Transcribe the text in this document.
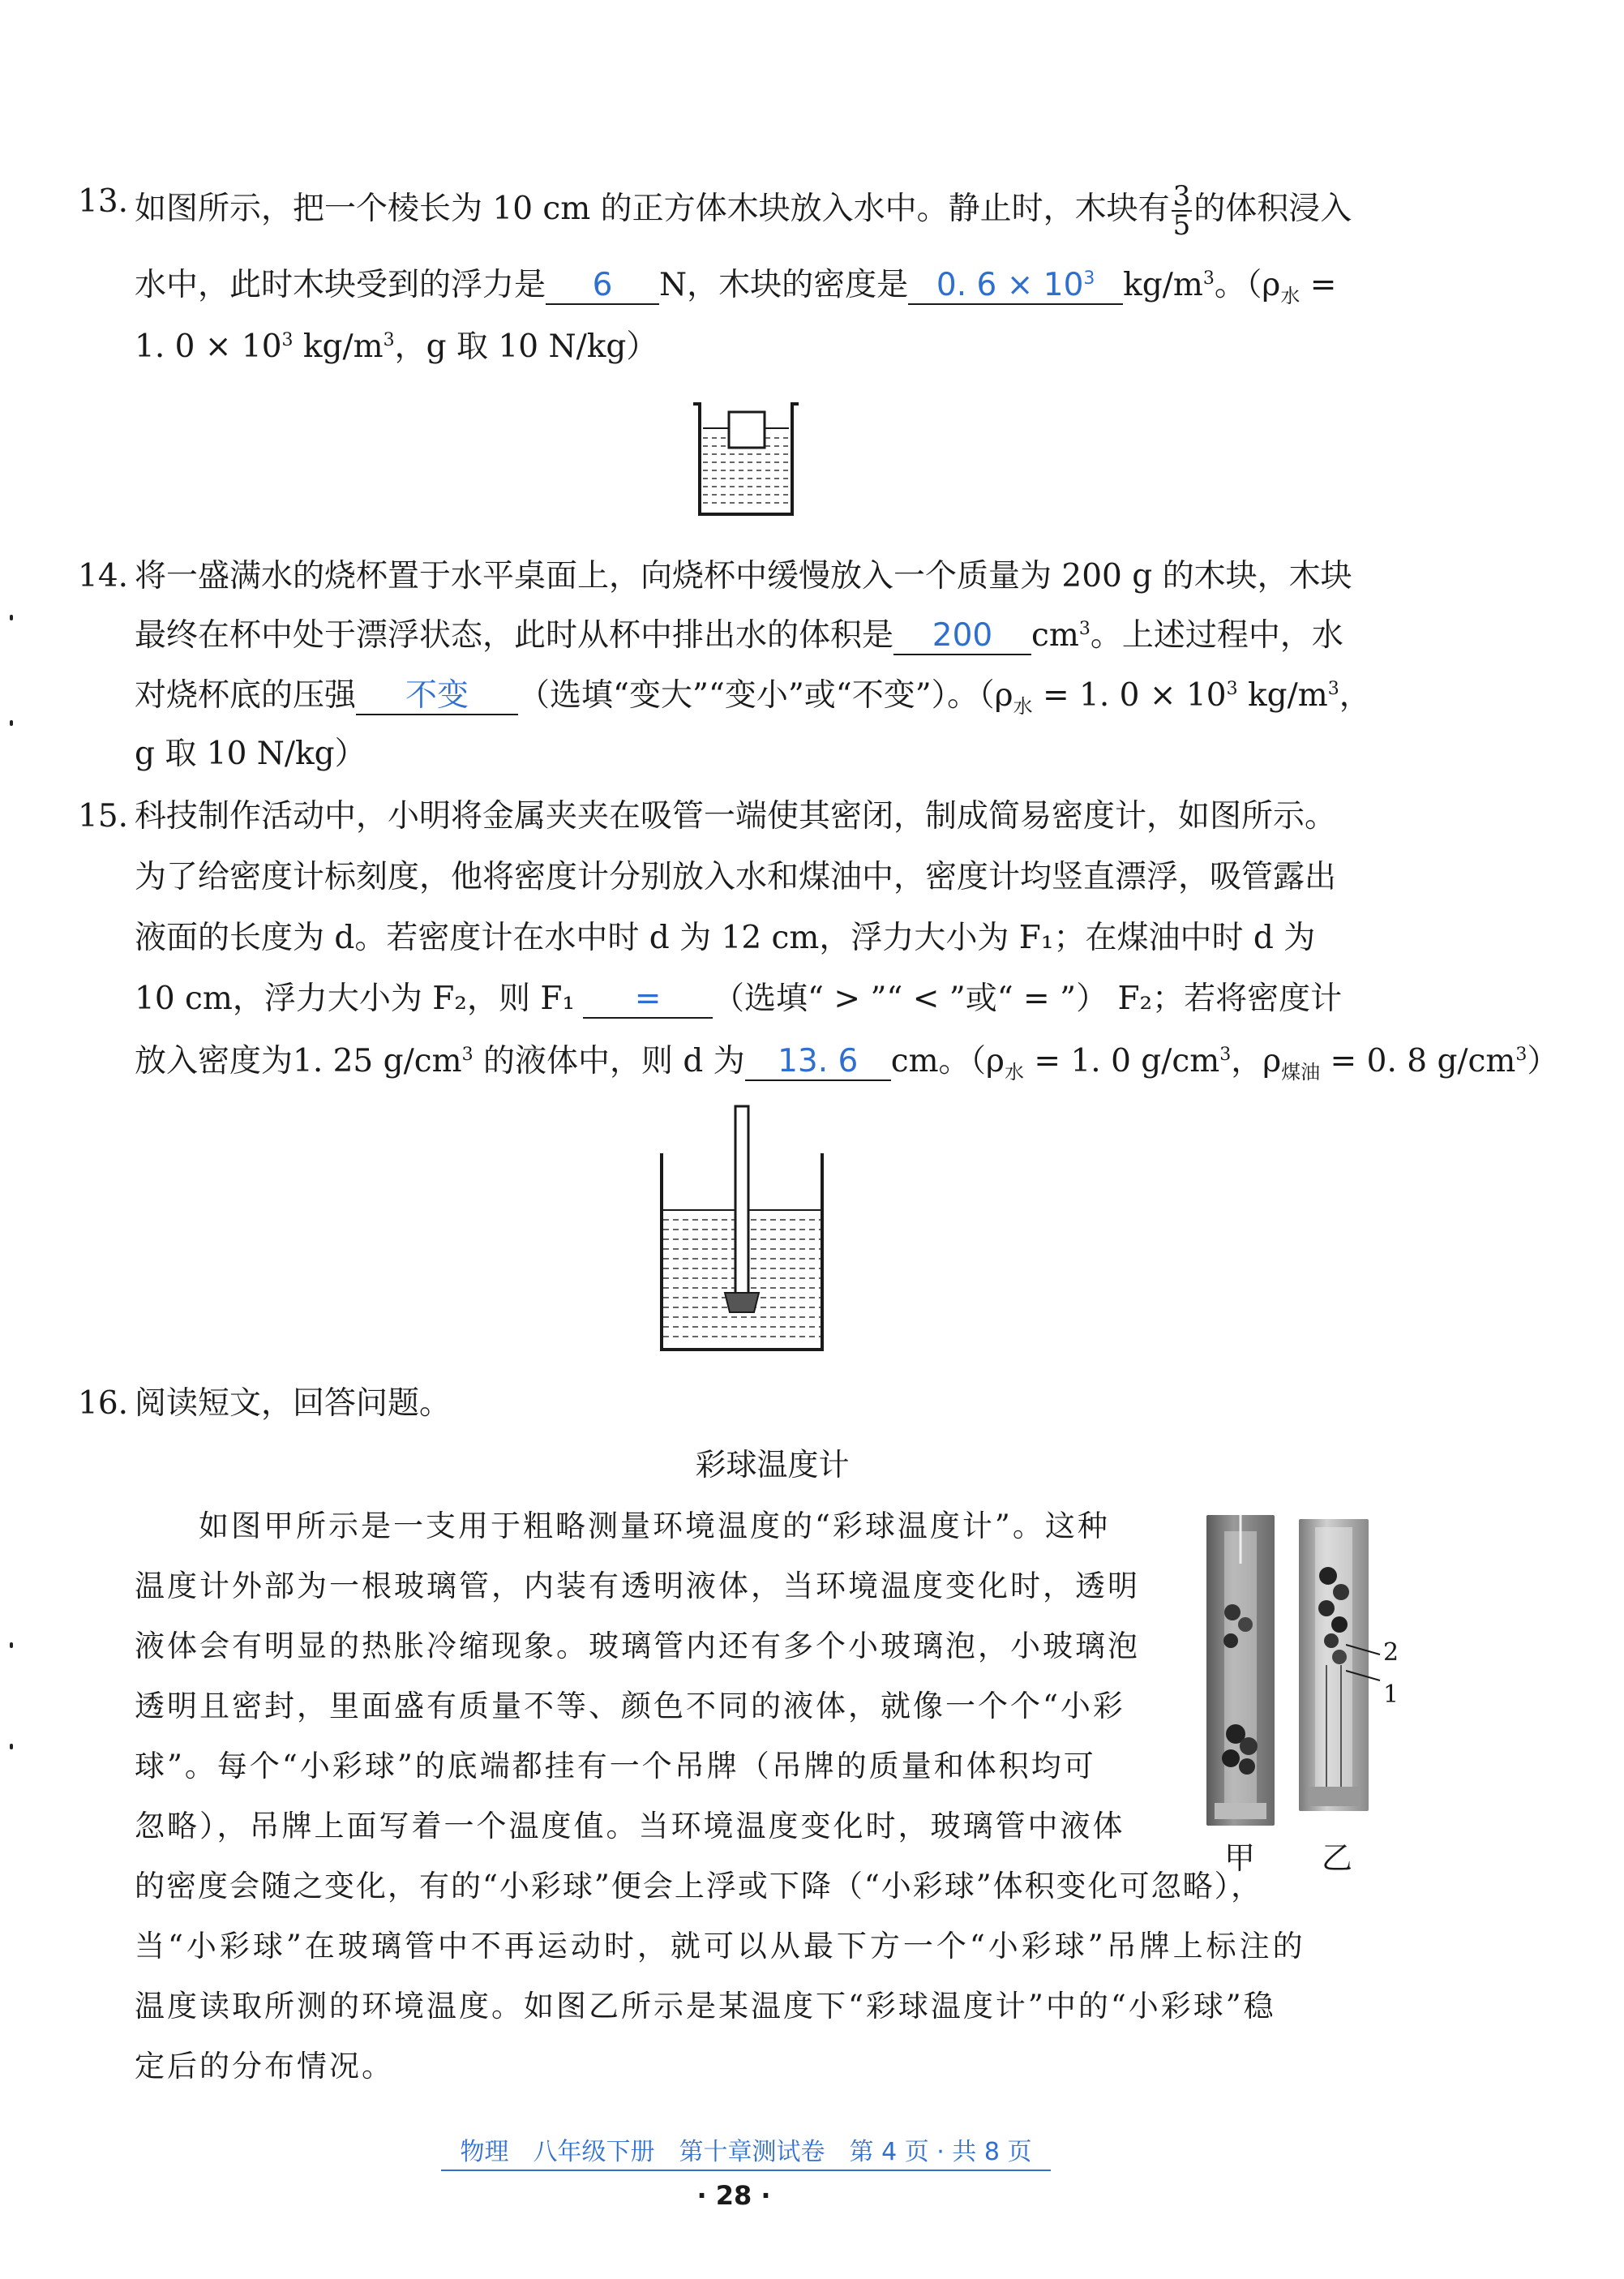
13. 如图所示，把一个棱长为 10 cm 的正方体木块放入水中。静止时，木块有 $\frac{3}{5}$ 的体积浸入
水中，此时木块受到的浮力是 6 N，木块的密度是 0. $6 \times 10^3$ $kg/m^3$。（$\rho_水$ =
1. $0 \times 10^3$ $kg/m^3$，g 取 10 N/kg）
14. 将一盛满水的烧杯置于水平桌面上，向烧杯中缓慢放入一个质量为 200 g 的木块，木块
最终在杯中处于漂浮状态，此时从杯中排出水的体积是 200 $cm^3$。上述过程中，水
对烧杯底的压强 不变 （选填“变大”“变小”或“不变”）。（$\rho_水 = 1$. $0 \times 10^3$ $kg/m^3$，
g 取 10 N/kg）
15. 科技制作活动中，小明将金属夹夹在吸管一端使其密闭，制成简易密度计，如图所示。
为了给密度计标刻度，他将密度计分别放入水和煤油中，密度计均竖直漂浮，吸管露出
液面的长度为 d。若密度计在水中时 d 为 12 cm，浮力大小为 F₁；在煤油中时 d 为
10 cm，浮力大小为 F₂，则 F₁ = （选填“ > ”“ < ”或“ = ”） F₂；若将密度计
放入密度为1. 25 $g/cm^3$ 的液体中，则 d 为 13. 6 cm。（$\rho_水 = 1$. 0 $g/cm^3$，$\rho_{煤油} = 0$. 8 $g/cm^3$）
16. 阅读短文，回答问题。
彩球温度计
如图甲所示是一支用于粗略测量环境温度的“彩球温度计”。这种
温度计外部为一根玻璃管，内装有透明液体，当环境温度变化时，透明
液体会有明显的热胀冷缩现象。玻璃管内还有多个小玻璃泡，小玻璃泡
透明且密封，里面盛有质量不等、颜色不同的液体，就像一个个“小彩
球”。每个“小彩球”的底端都挂有一个吊牌（吊牌的质量和体积均可
忽略），吊牌上面写着一个温度值。当环境温度变化时，玻璃管中液体
的密度会随之变化，有的“小彩球”便会上浮或下降（“小彩球”体积变化可忽略），
当“小彩球”在玻璃管中不再运动时，就可以从最下方一个“小彩球”吊牌上标注的
温度读取所测的环境温度。如图乙所示是某温度下“彩球温度计”中的“小彩球”稳
定后的分布情况。
2
1
甲 乙
物理　八年级下册　第十章测试卷　第 4 页 · 共 8 页
· 28 ·
